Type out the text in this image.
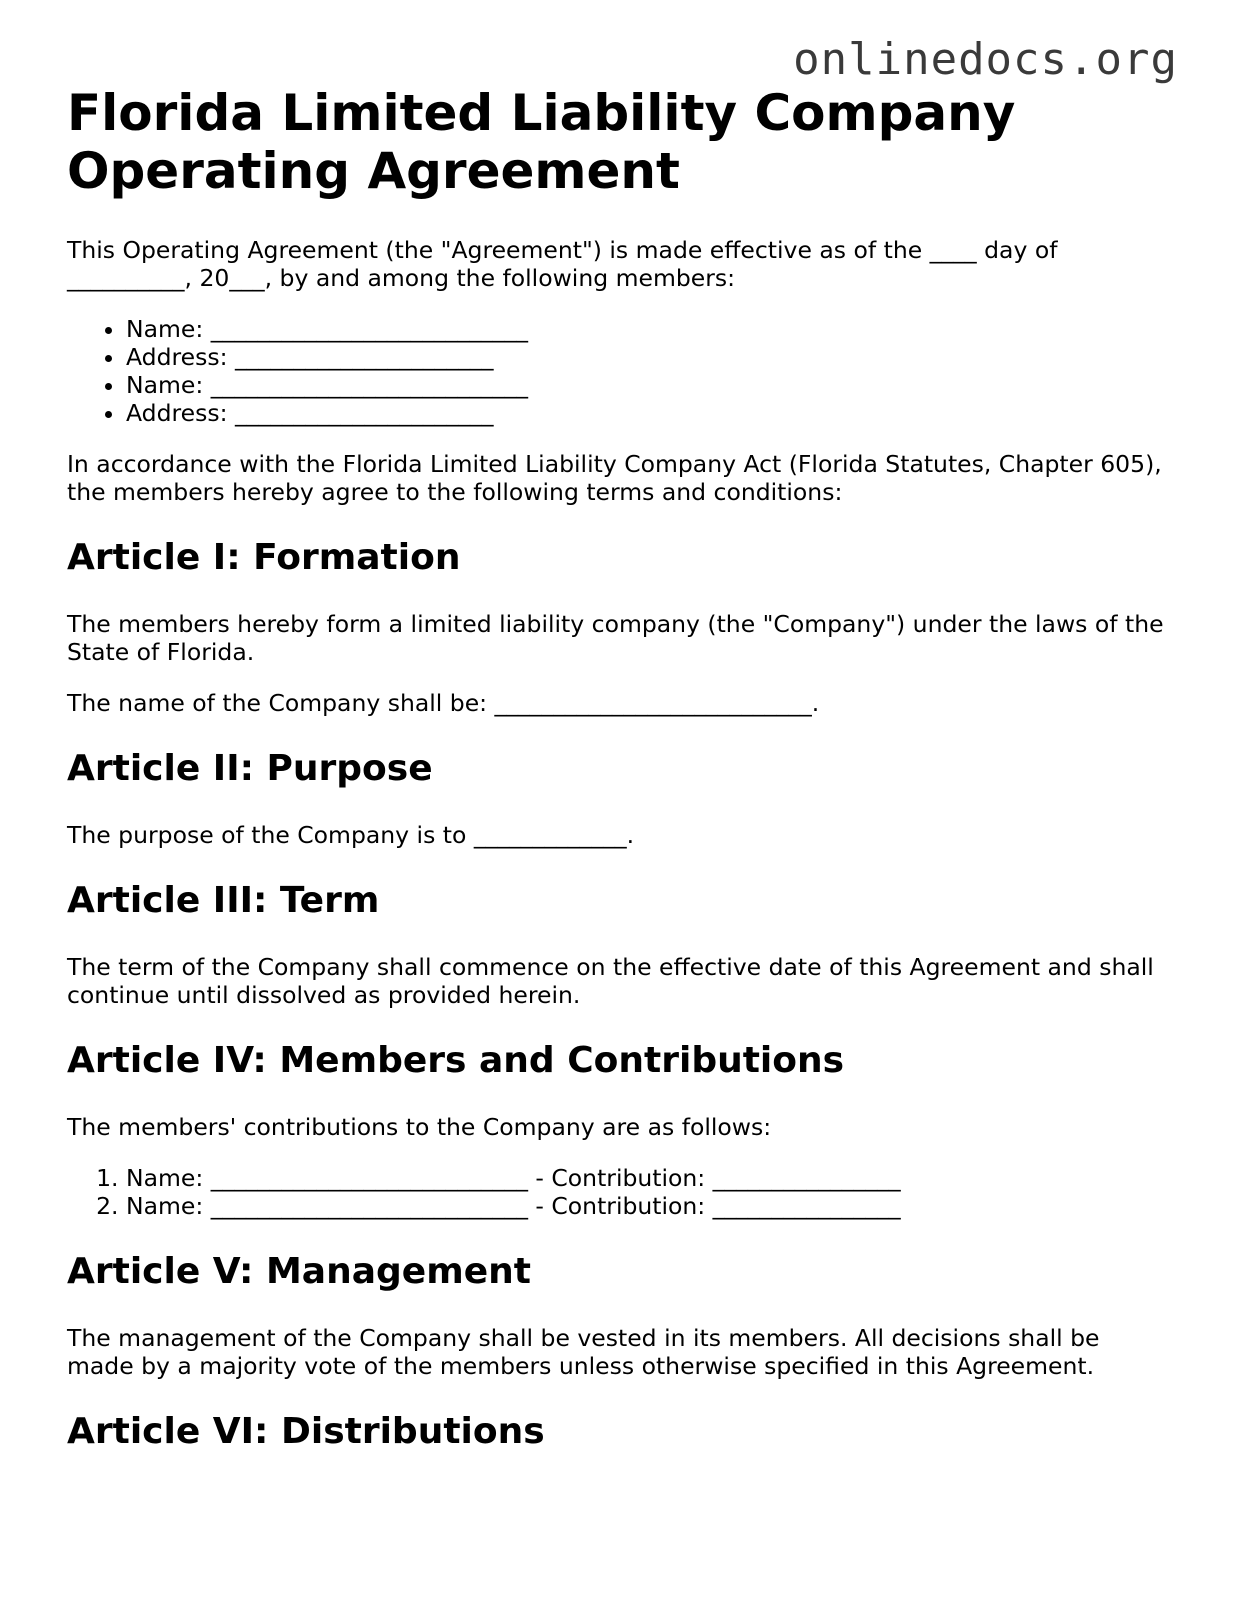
onlinedocs.org
Florida Limited Liability Company Operating Agreement

This Operating Agreement (the "Agreement") is made effective as of the ____ day of __________, 20___, by and among the following members:

• Name: ___________________________
• Address: ______________________
• Name: ___________________________
• Address: ______________________

In accordance with the Florida Limited Liability Company Act (Florida Statutes, Chapter 605), the members hereby agree to the following terms and conditions:

Article I: Formation

The members hereby form a limited liability company (the "Company") under the laws of the State of Florida.

The name of the Company shall be: ___________________________.

Article II: Purpose

The purpose of the Company is to _____________.

Article III: Term

The term of the Company shall commence on the effective date of this Agreement and shall continue until dissolved as provided herein.

Article IV: Members and Contributions

The members' contributions to the Company are as follows:

1. Name: ___________________________ - Contribution: ________________
2. Name: ___________________________ - Contribution: ________________
Article V: Management

The management of the Company shall be vested in its members. All decisions shall be made by a majority vote of the members unless otherwise specified in this Agreement.

Article VI: Distributions
